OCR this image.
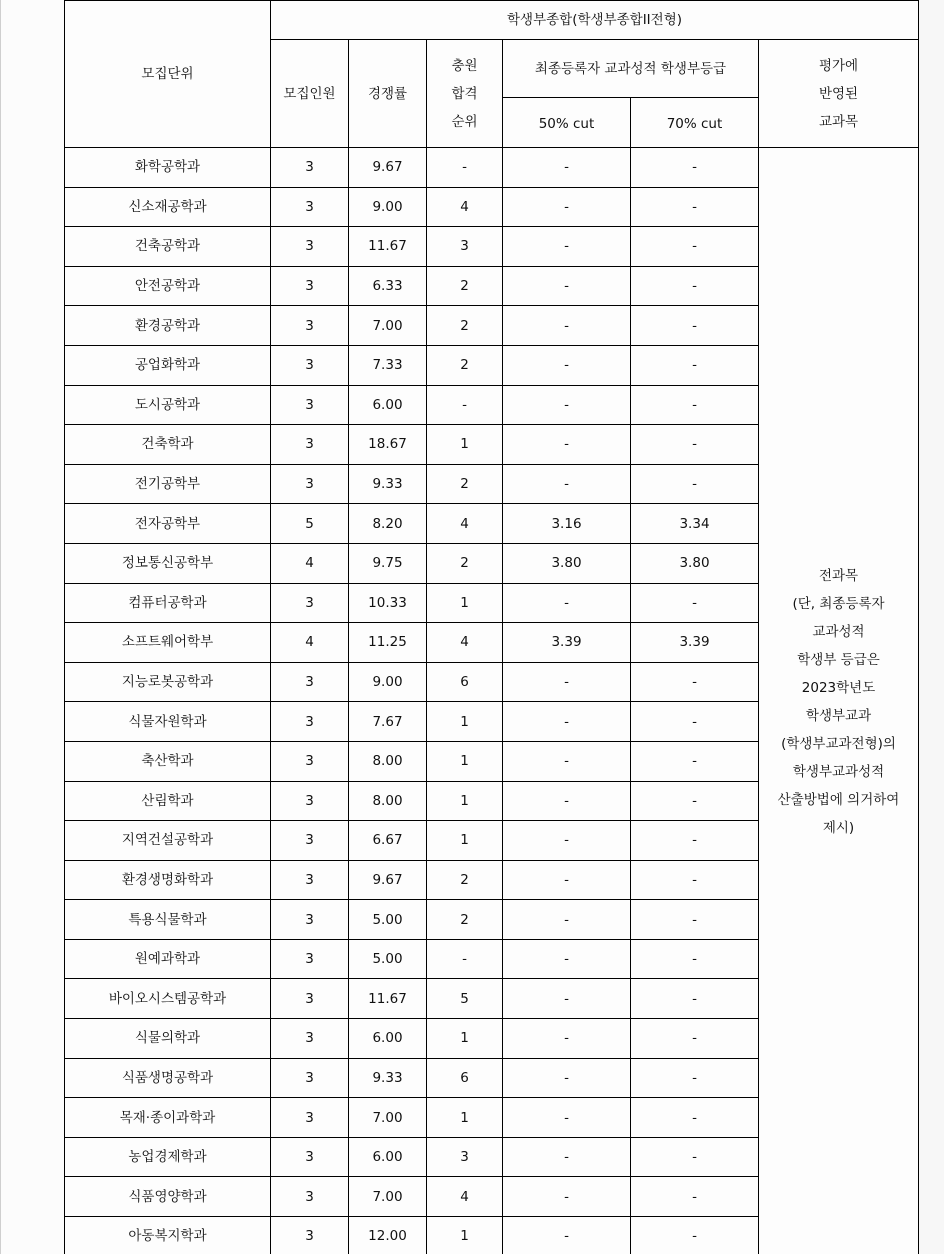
모집단위	학생부종합(학생부종합II전형)					
	모집인원	경쟁률	충원
합격
순위	최종등록자 교과성적 학생부등급		평가에
반영된
교과목

				50% cut	70% cut	
화학공학과	3	9.67	-	-	-	
전과목
(단, 최종등록자
교과성적
학생부 등급은
2023학년도
학생부교과
(학생부교과전형)의
학생부교과성적
산출방법에 의거하여
제시)

신소재공학과	3	9.00	4	-	-	
건축공학과	3	11.67	3	-	-	
안전공학과	3	6.33	2	-	-	
환경공학과	3	7.00	2	-	-	
공업화학과	3	7.33	2	-	-	
도시공학과	3	6.00	-	-	-	
건축학과	3	18.67	1	-	-	
전기공학부	3	9.33	2	-	-	
전자공학부	5	8.20	4	3.16	3.34	
정보통신공학부	4	9.75	2	3.80	3.80	
컴퓨터공학과	3	10.33	1	-	-	
소프트웨어학부	4	11.25	4	3.39	3.39	
지능로봇공학과	3	9.00	6	-	-	
식물자원학과	3	7.67	1	-	-	
축산학과	3	8.00	1	-	-	
산림학과	3	8.00	1	-	-	
지역건설공학과	3	6.67	1	-	-	
환경생명화학과	3	9.67	2	-	-	
특용식물학과	3	5.00	2	-	-	
원예과학과	3	5.00	-	-	-	
바이오시스템공학과	3	11.67	5	-	-	
식물의학과	3	6.00	1	-	-	
식품생명공학과	3	9.33	6	-	-	
목재·종이과학과	3	7.00	1	-	-	
농업경제학과	3	6.00	3	-	-	
식품영양학과	3	7.00	4	-	-	
아동복지학과	3	12.00	1	-	-	
